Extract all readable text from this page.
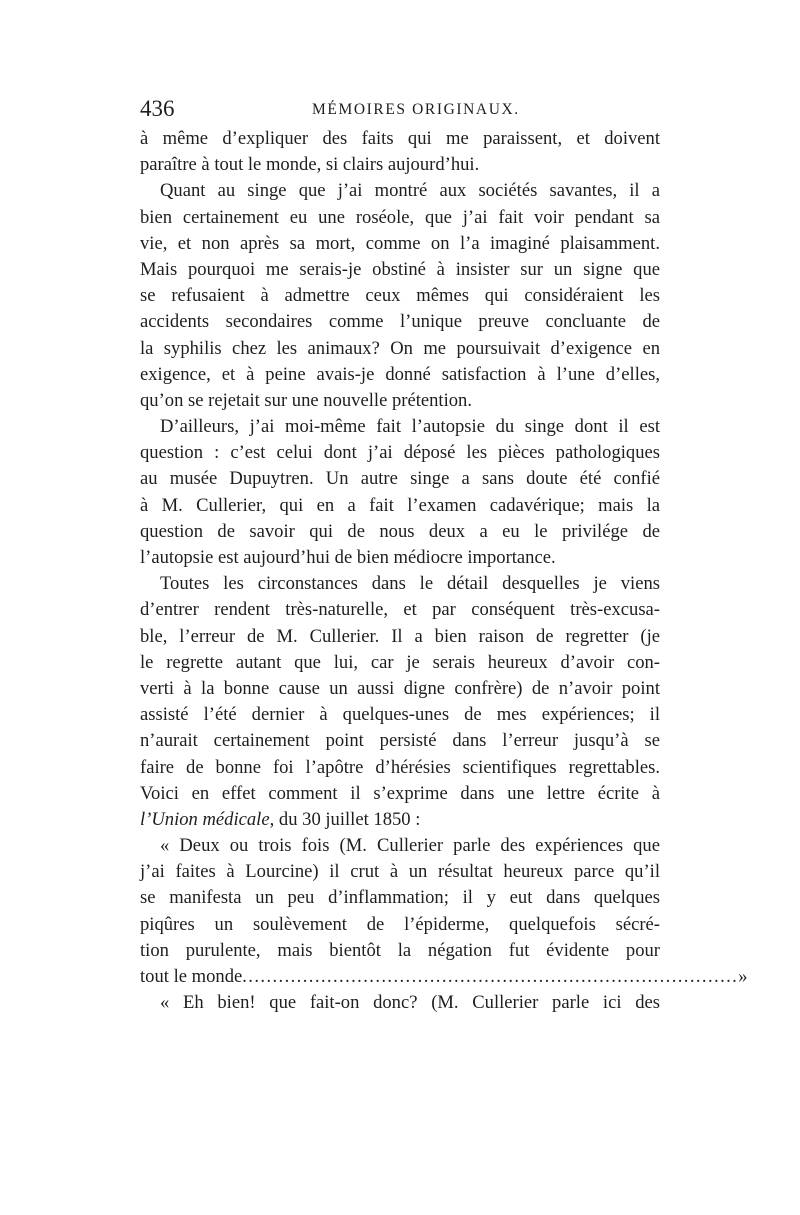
436	MÉMOIRES ORIGINAUX.
à même d’expliquer des faits qui me paraissent, et doivent
paraître à tout le monde, si clairs aujourd’hui.
Quant au singe que j’ai montré aux sociétés savantes, il a
bien certainement eu une roséole, que j’ai fait voir pendant sa
vie, et non après sa mort, comme on l’a imaginé plaisamment.
Mais pourquoi me serais-je obstiné à insister sur un signe que
se refusaient à admettre ceux mêmes qui considéraient les
accidents secondaires comme l’unique preuve concluante de
la syphilis chez les animaux? On me poursuivait d’exigence en
exigence, et à peine avais-je donné satisfaction à l’une d’elles,
qu’on se rejetait sur une nouvelle prétention.
D’ailleurs, j’ai moi-même fait l’autopsie du singe dont il est
question : c’est celui dont j’ai déposé les pièces pathologiques
au musée Dupuytren. Un autre singe a sans doute été confié
à M. Cullerier, qui en a fait l’examen cadavérique; mais la
question de savoir qui de nous deux a eu le privilége de
l’autopsie est aujourd’hui de bien médiocre importance.
Toutes les circonstances dans le détail desquelles je viens
d’entrer rendent très-naturelle, et par conséquent très-excusa-
ble, l’erreur de M. Cullerier. Il a bien raison de regretter (je
le regrette autant que lui, car je serais heureux d’avoir con-
verti à la bonne cause un aussi digne confrère) de n’avoir point
assisté l’été dernier à quelques-unes de mes expériences; il
n’aurait certainement point persisté dans l’erreur jusqu’à se
faire de bonne foi l’apôtre d’hérésies scientifiques regrettables.
Voici en effet comment il s’exprime dans une lettre écrite à
l’Union médicale, du 30 juillet 1850 :
« Deux ou trois fois (M. Cullerier parle des expériences que
j’ai faites à Lourcine) il crut à un résultat heureux parce qu’il
se manifesta un peu d’inflammation; il y eut dans quelques
piqûres un soulèvement de l’épiderme, quelquefois sécré-
tion purulente, mais bientôt la négation fut évidente pour
tout le monde .................................................................................. »
« Eh bien! que fait-on donc? (M. Cullerier parle ici des
